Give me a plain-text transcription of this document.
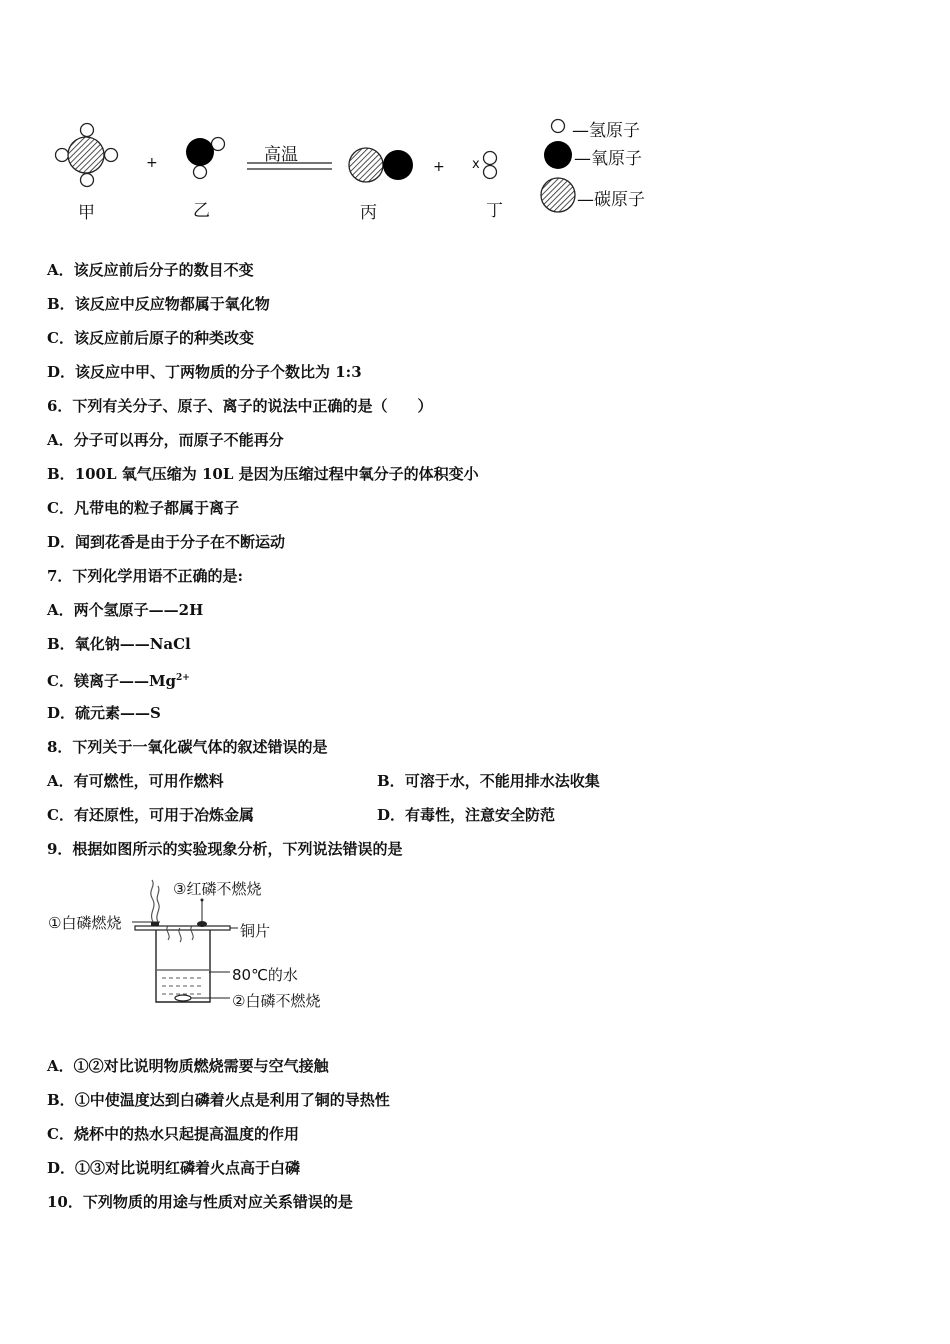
甲
+
乙
高温
丙
+ x
丁
—氢原子
—氧原子
—碳原子
A．该反应前后分子的数目不变
B．该反应中反应物都属于氧化物
C．该反应前后原子的种类改变
D．该反应中甲、丁两物质的分子个数比为 1:3
6．下列有关分子、原子、离子的说法中正确的是（　　）
A．分子可以再分，而原子不能再分
B．100L 氧气压缩为 10L 是因为压缩过程中氧分子的体积变小
C．凡带电的粒子都属于离子
D．闻到花香是由于分子在不断运动
7．下列化学用语不正确的是:
A．两个氢原子——2H
B．氧化钠——NaCl
C．镁离子$——Mg^{2+}$
D．硫元素——S
8．下列关于一氧化碳气体的叙述错误的是
A．有可燃性，可用作燃料	B．可溶于水，不能用排水法收集
C．有还原性，可用于冶炼金属	D．有毒性，注意安全防范
9．根据如图所示的实验现象分析，下列说法错误的是
③红磷不燃烧
①白磷燃烧	铜片
80℃的水
②白磷不燃烧
A．①②对比说明物质燃烧需要与空气接触
B．①中使温度达到白磷着火点是利用了铜的导热性
C．烧杯中的热水只起提高温度的作用
D．①③对比说明红磷着火点高于白磷
10．下列物质的用途与性质对应关系错误的是
